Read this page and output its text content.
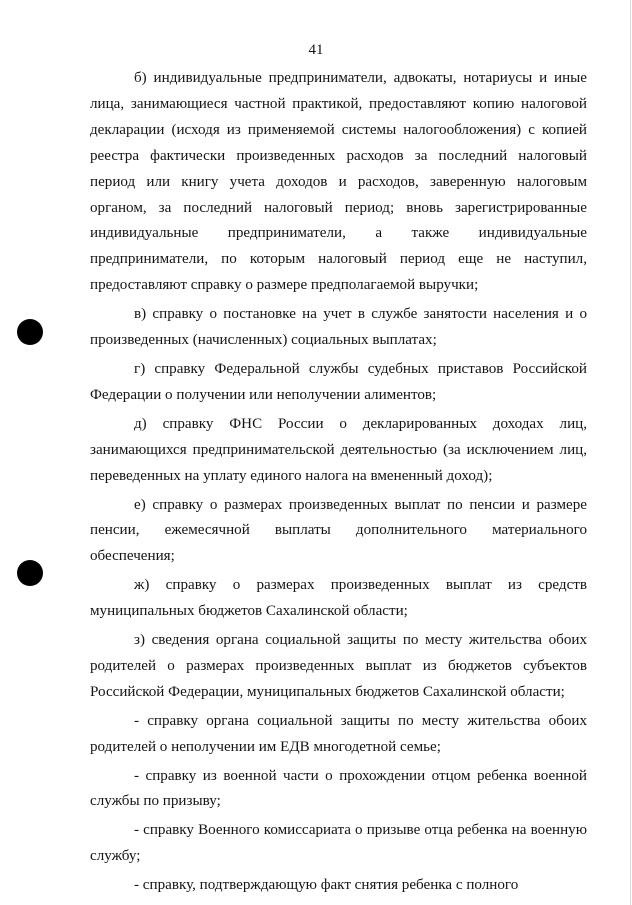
41

б) индивидуальные предприниматели, адвокаты, нотариусы и иные лица, занимающиеся частной практикой, предоставляют копию налоговой декларации (исходя из применяемой системы налогообложения) с копией реестра фактически произведенных расходов за последний налоговый период или книгу учета доходов и расходов, заверенную налоговым органом, за последний налоговый период; вновь зарегистрированные индивидуальные предприниматели, а также индивидуальные предприниматели, по которым налоговый период еще не наступил, предоставляют справку о размере предполагаемой выручки;

в) справку о постановке на учет в службе занятости населения и о произведенных (начисленных) социальных выплатах;

г) справку Федеральной службы судебных приставов Российской Федерации о получении или неполучении алиментов;

д) справку ФНС России о декларированных доходах лиц, занимающихся предпринимательской деятельностью (за исключением лиц, переведенных на уплату единого налога на вмененный доход);

е) справку о размерах произведенных выплат по пенсии и размере пенсии, ежемесячной выплаты дополнительного материального обеспечения;

ж) справку о размерах произведенных выплат из средств муниципальных бюджетов Сахалинской области;

з) сведения органа социальной защиты по месту жительства обоих родителей о размерах произведенных выплат из бюджетов субъектов Российской Федерации, муниципальных бюджетов Сахалинской области;

- справку органа социальной защиты по месту жительства обоих родителей о неполучении им ЕДВ многодетной семье;

- справку из военной части о прохождении отцом ребенка военной службы по призыву;

- справку Военного комиссариата о призыве отца ребенка на военную службу;

- справку, подтверждающую факт снятия ребенка с полного
